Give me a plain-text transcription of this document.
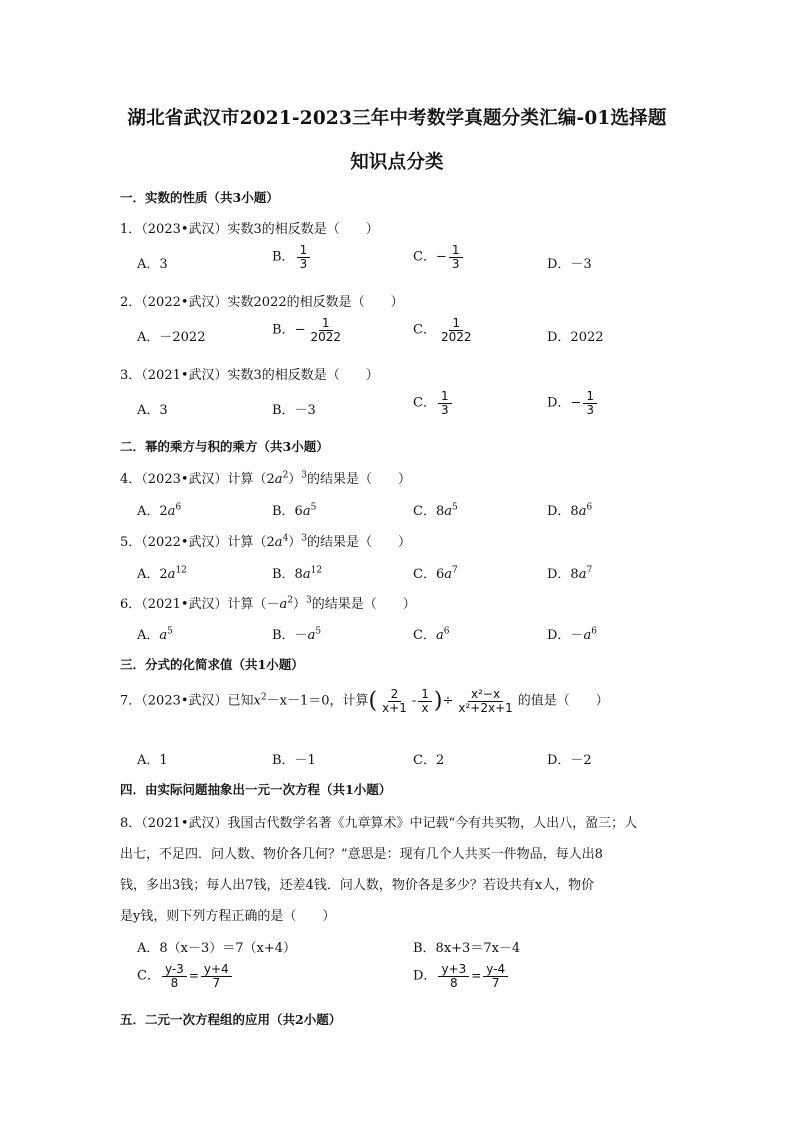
湖北省武汉市2021-2023三年中考数学真题分类汇编-01选择题
知识点分类
一．实数的性质（共3小题）
1．（2023•武汉）实数3的相反数是（　　）
A．3	B． $\frac{1}{3}$	C．− $\frac{1}{3}$	D．－3
2．（2022•武汉）实数2022的相反数是（　　）
A．－2022	B．− $\frac{1}{2022}$	C． $\frac{1}{2022}$	D．2022
3．（2021•武汉）实数3的相反数是（　　）
A．3	B．－3	C． $\frac{1}{3}$	D．− $\frac{1}{3}$
二．幂的乘方与积的乘方（共3小题）
4．（2023•武汉）计算$(2a^2)^3$的结果是（　　）
A．$2a^6$	B．$6a^5$	C．$8a^5$	D．$8a^6$
5．（2022•武汉）计算$(2a^4)^3$的结果是（　　）
A．$2a^{12}$	B．$8a^{12}$	C．$6a^7$	D．$8a^7$
6．（2021•武汉）计算$(-a^2)^3$的结果是（　　）
A．$a^5$	B．$-a^5$	C．$a^6$	D．$-a^6$
三．分式的化简求值（共1小题）
7．（2023•武汉）已知$x^2-x-1=0$，计算( $\frac{2}{x+1} - \frac{1}{x}$ )÷ $\frac{\text{x²−x}}{\text{x²+2x+1}}$ 的值是（　　）
A．1	B．－1	C．2	D．－2
四．由实际问题抽象出一元一次方程（共1小题）
8．（2021•武汉）我国古代数学名著《九章算术》中记载“今有共买物，人出八，盈三；人
出七，不足四．问人数、物价各几何？”意思是：现有几个人共买一件物品，每人出8
钱，多出3钱；每人出7钱，还差4钱．问人数，物价各是多少？若设共有x人，物价
是y钱，则下列方程正确的是（　　）
A．8（x－3）＝7（x+4）	B．8x+3＝7x－4
C． $\frac{y-3}{8} = \frac{y+4}{7}$	D． $\frac{y+3}{8} = \frac{y-4}{7}$
五．二元一次方程组的应用（共2小题）
